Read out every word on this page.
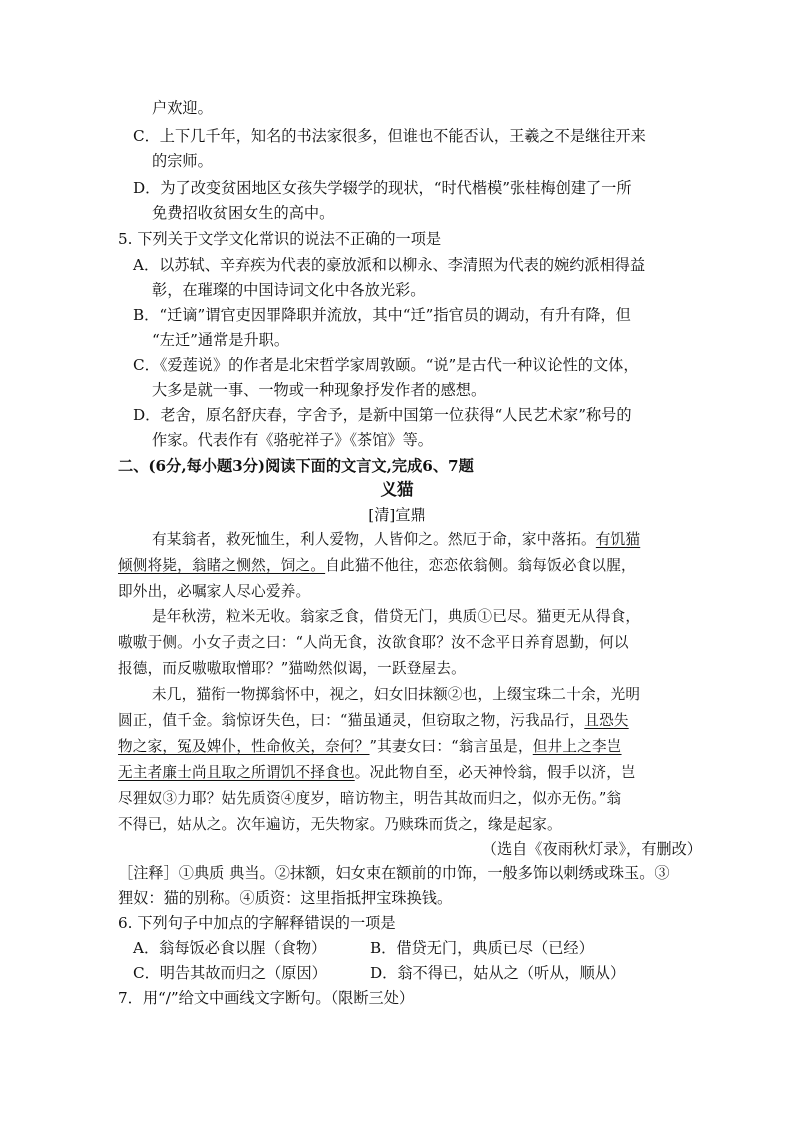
户欢迎。
C．上下几千年，知名的书法家很多，但谁也不能否认，王羲之不是继往开来
的宗师。
D．为了改变贫困地区女孩失学辍学的现状，“时代楷模”张桂梅创建了一所
免费招收贫困女生的高中。
5. 下列关于文学文化常识的说法不正确的一项是
A．以苏轼、辛弃疾为代表的豪放派和以柳永、李清照为代表的婉约派相得益
彰，在璀璨的中国诗词文化中各放光彩。
B．“迁谪”谓官吏因罪降职并流放，其中“迁”指官员的调动，有升有降，但
“左迁”通常是升职。
C．《爱莲说》的作者是北宋哲学家周敦颐。“说”是古代一种议论性的文体，
大多是就一事、一物或一种现象抒发作者的感想。
D．老舍，原名舒庆春，字舍予，是新中国第一位获得“人民艺术家”称号的
作家。代表作有《骆驼祥子》《茶馆》等。
二、(6分,每小题3分)阅读下面的文言文,完成6、7题
义猫
[清]宣鼎
有某翁者，救死恤生，利人爱物，人皆仰之。然厄于命，家中落拓。有饥猫
倾侧将毙，翁睹之恻然，饲之。自此猫不他往，恋恋依翁侧。翁每饭必食以腥，
即外出，必嘱家人尽心爱养。
是年秋涝，粒米无收。翁家乏食，借贷无门，典质①已尽。猫更无从得食，
嗷嗷于侧。小女子责之曰：“人尚无食，汝欲食耶？汝不念平日养育恩勤，何以
报德，而反嗷嗷取憎耶？”猫呦然似谒，一跃登屋去。
未几，猫衔一物掷翁怀中，视之，妇女旧抹额②也，上缀宝珠二十余，光明
圆正，值千金。翁惊讶失色，曰：“猫虽通灵，但窃取之物，污我品行，且恐失
物之家，冤及婢仆，性命攸关，奈何？”其妻女曰：“翁言虽是，但井上之李岂
无主者廉士尚且取之所谓饥不择食也。况此物自至，必天神怜翁，假手以济，岂
尽狸奴③力耶？姑先质资④度岁，暗访物主，明告其故而归之，似亦无伤。”翁
不得已，姑从之。次年遍访，无失物家。乃赎珠而货之，缘是起家。
（选自《夜雨秋灯录》，有删改）
［注释］①典质 典当。②抹额，妇女束在额前的巾饰，一般多饰以刺绣或珠玉。③
狸奴：猫的别称。④质资：这里指抵押宝珠换钱。
6. 下列句子中加点的字解释错误的一项是
A．翁每饭必食以腥（食物）	B．借贷无门，典质已尽（已经）
C．明告其故而归之（原因）	D．翁不得已，姑从之（听从，顺从）
7．用“/”给文中画线文字断句。（限断三处）
